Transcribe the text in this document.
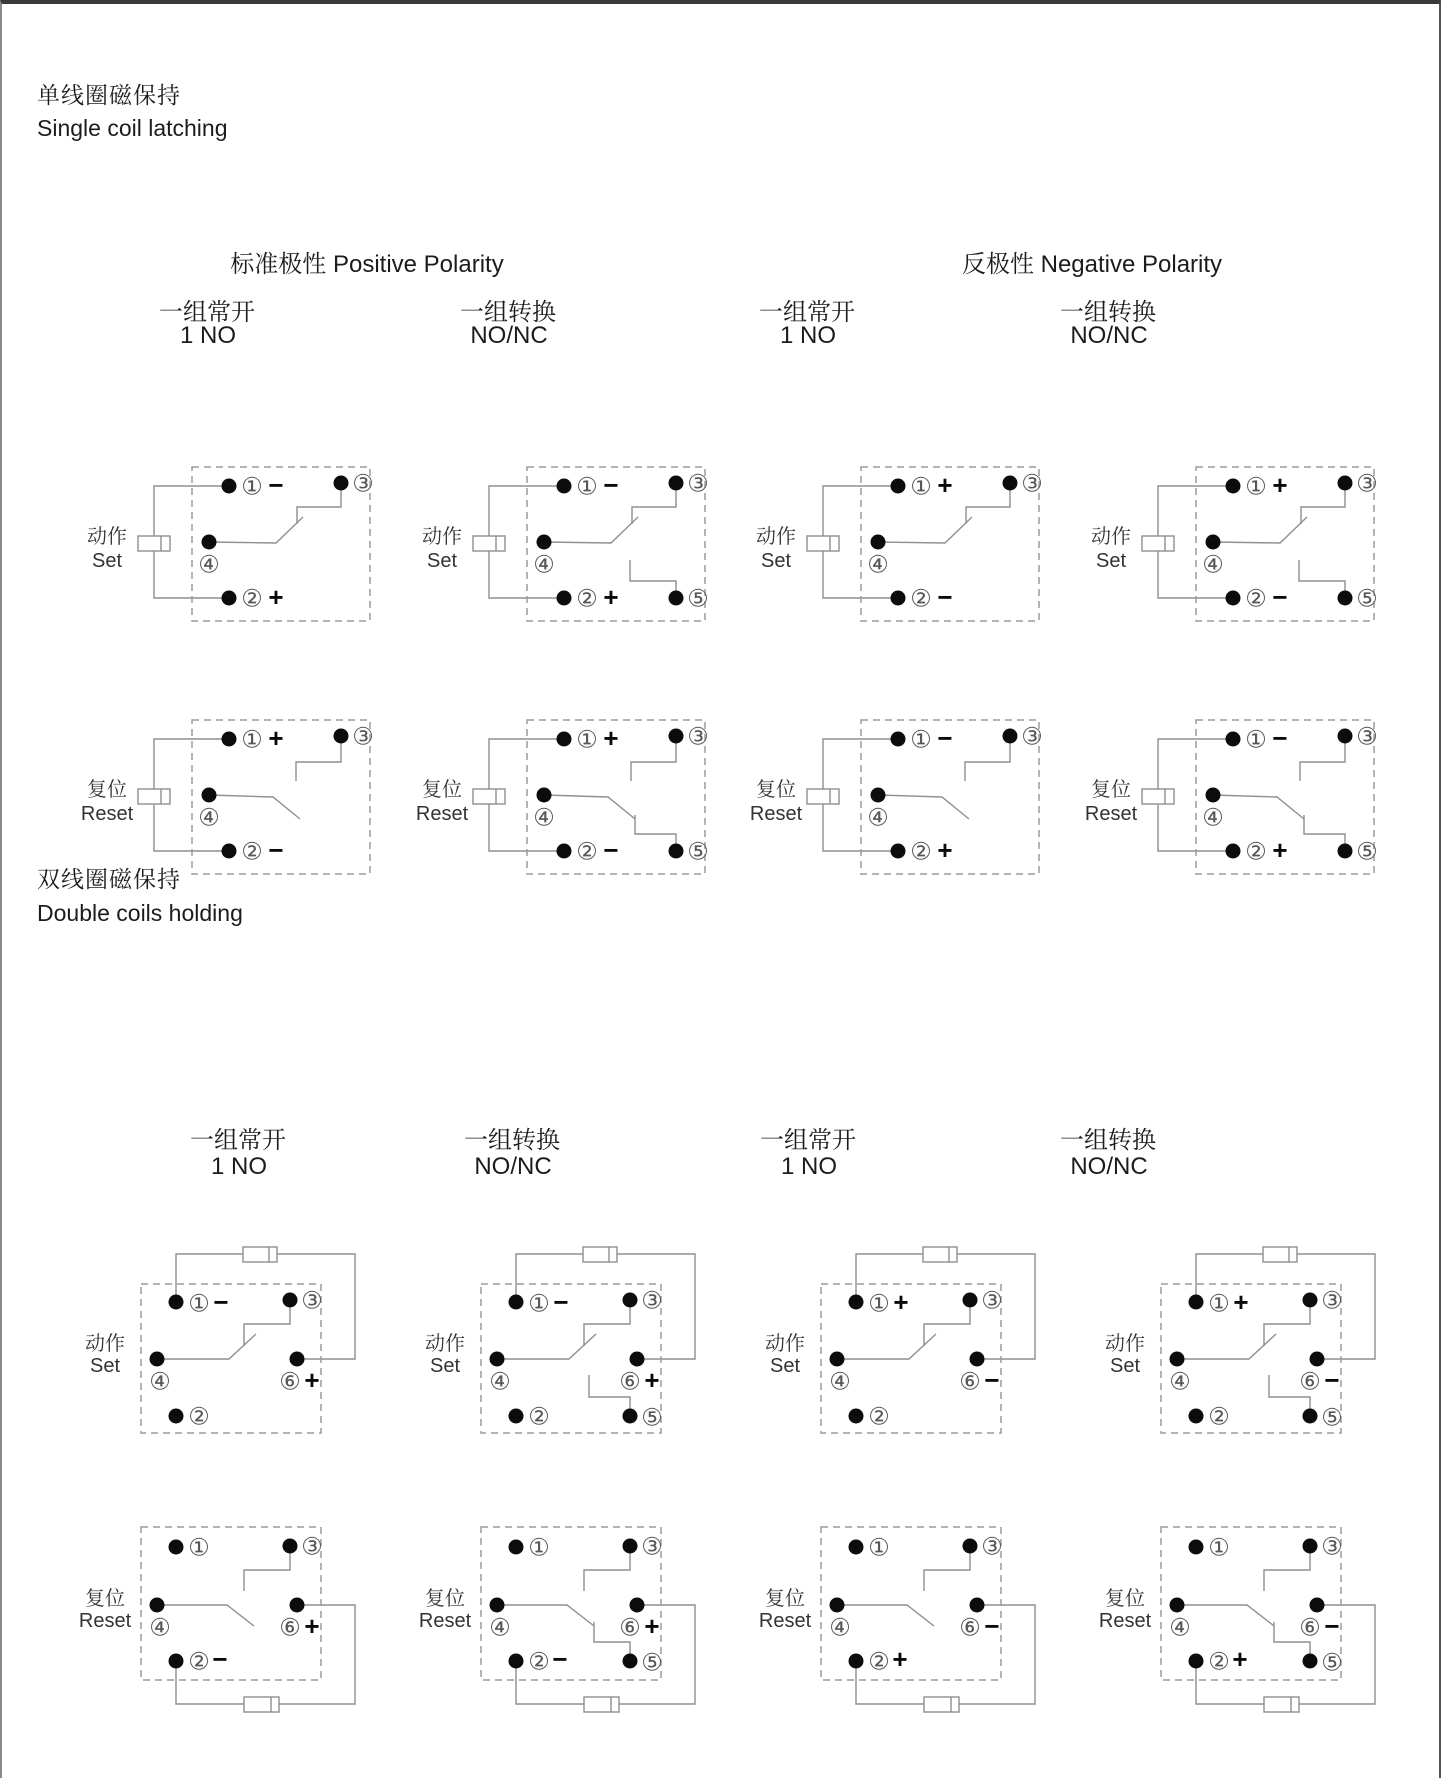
单线圈磁保持
Single coil latching
标准极性 Positive Polarity	反极性 Negative Polarity
一组常开
1 NO
一组转换
NO/NC
一组常开
1 NO
一组转换
NO/NC
双线圈磁保持
Double coils holding
一组常开
1 NO
一组转换
NO/NC
一组常开
1 NO
一组转换
NO/NC
① −	③
④
② +
动作
Set
① −	③
④
② +	⑤
动作
Set
① +	③
④
② −
动作
Set
① +	③
④
② −	⑤
动作
Set
① +	③
④
② −
复位
Reset
① +	③
④
② −	⑤
复位
Reset
① −	③
④
② +
复位
Reset
① −	③
④
② +	⑤
复位
Reset
① −	③
④	⑥ +
②
动作
Set
① −	③
④	⑥ +
②	⑤
动作
Set
① +	③
④	⑥ −
②
动作
Set
① +	③
④	⑥ −
②	⑤
动作
Set
①	③
④	⑥ +
② −
复位
Reset
①	③
④	⑥ +
② −	⑤
复位
Reset
①	③
④	⑥ −
② +
复位
Reset
①	③
④	⑥ −
② +	⑤
复位
Reset
